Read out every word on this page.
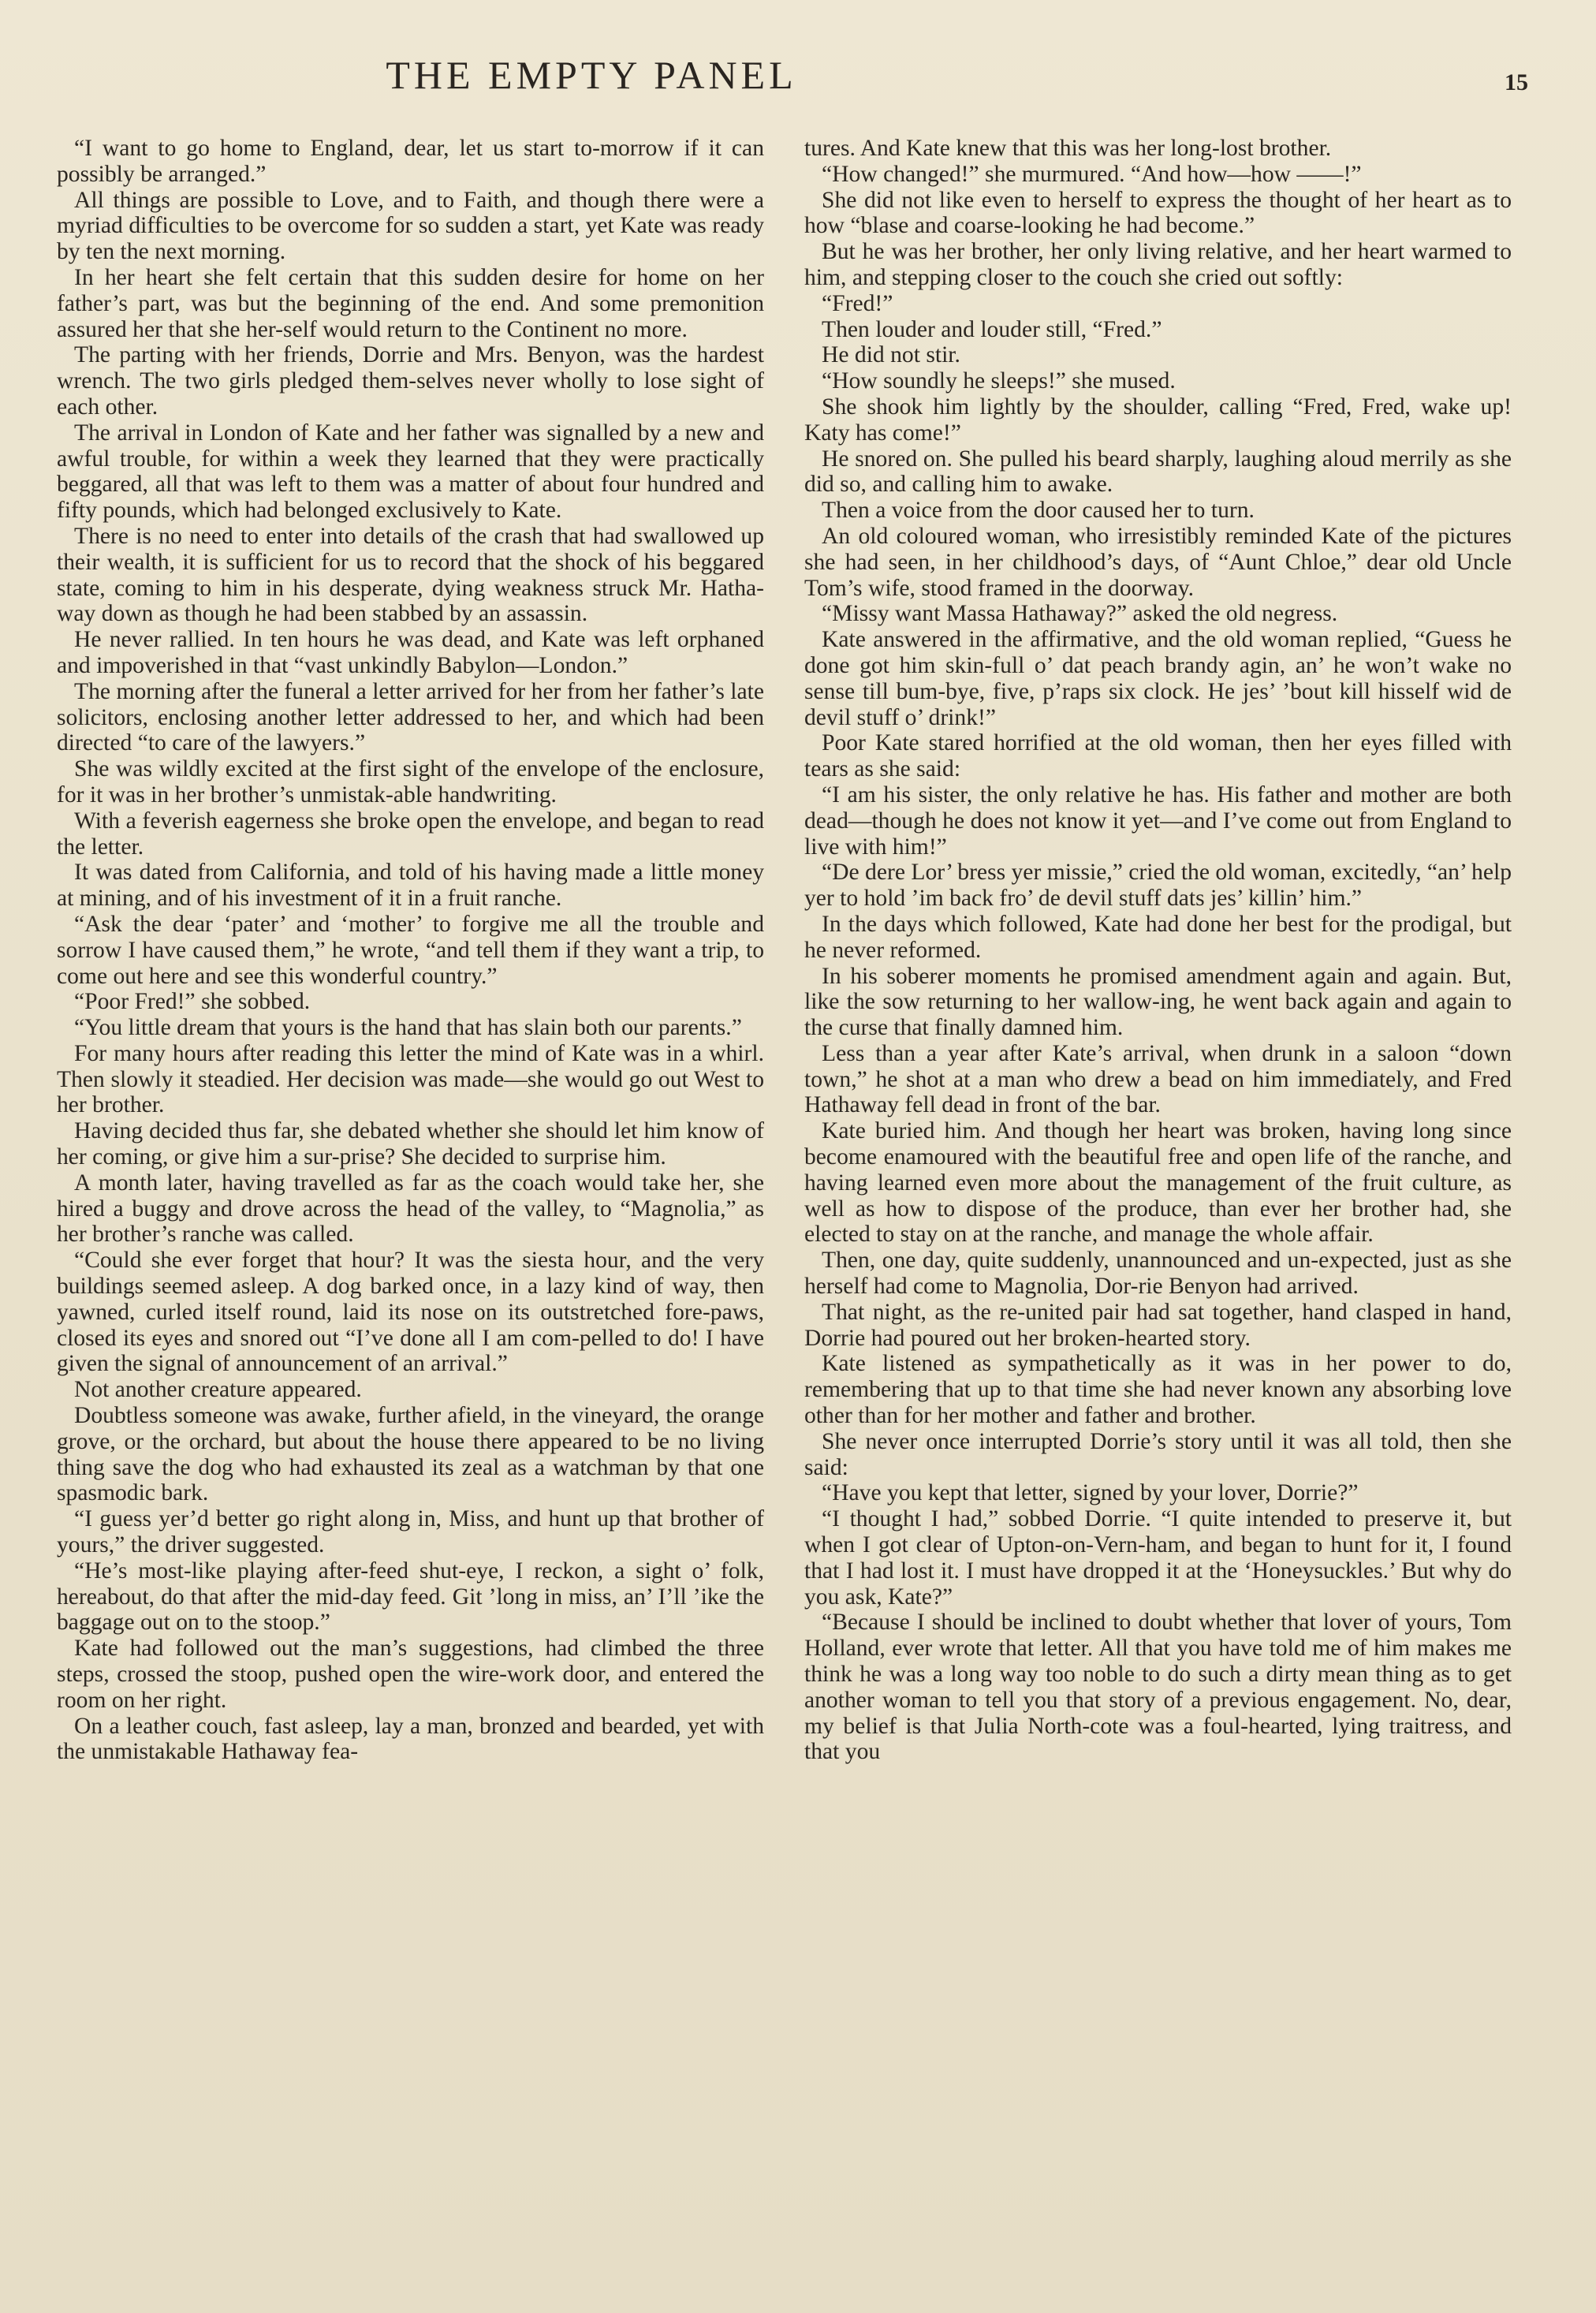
THE EMPTY PANEL	15

“I want to go home to England, dear, let us start to-morrow if it can possibly be arranged.”

All things are possible to Love, and to Faith, and though there were a myriad difficulties to be overcome for so sudden a start, yet Kate was ready by ten the next morning.

In her heart she felt certain that this sudden desire for home on her father’s part, was but the beginning of the end. And some premonition assured her that she her-self would return to the Continent no more.

The parting with her friends, Dorrie and Mrs. Benyon, was the hardest wrench. The two girls pledged them-selves never wholly to lose sight of each other.

The arrival in London of Kate and her father was signalled by a new and awful trouble, for within a week they learned that they were practically beggared, all that was left to them was a matter of about four hundred and fifty pounds, which had belonged exclusively to Kate.

There is no need to enter into details of the crash that had swallowed up their wealth, it is sufficient for us to record that the shock of his beggared state, coming to him in his desperate, dying weakness struck Mr. Hatha-way down as though he had been stabbed by an assassin.

He never rallied. In ten hours he was dead, and Kate was left orphaned and impoverished in that “vast unkindly Babylon—London.”

The morning after the funeral a letter arrived for her from her father’s late solicitors, enclosing another letter addressed to her, and which had been directed “to care of the lawyers.”

She was wildly excited at the first sight of the envelope of the enclosure, for it was in her brother’s unmistak-able handwriting.

With a feverish eagerness she broke open the envelope, and began to read the letter.

It was dated from California, and told of his having made a little money at mining, and of his investment of it in a fruit ranche.

“Ask the dear ‘pater’ and ‘mother’ to forgive me all the trouble and sorrow I have caused them,” he wrote, “and tell them if they want a trip, to come out here and see this wonderful country.”

“Poor Fred!” she sobbed.

“You little dream that yours is the hand that has slain both our parents.”

For many hours after reading this letter the mind of Kate was in a whirl. Then slowly it steadied. Her decision was made—she would go out West to her brother.

Having decided thus far, she debated whether she should let him know of her coming, or give him a sur-prise? She decided to surprise him.

A month later, having travelled as far as the coach would take her, she hired a buggy and drove across the head of the valley, to “Magnolia,” as her brother’s ranche was called.

“Could she ever forget that hour? It was the siesta hour, and the very buildings seemed asleep. A dog barked once, in a lazy kind of way, then yawned, curled itself round, laid its nose on its outstretched fore-paws, closed its eyes and snored out “I’ve done all I am com-pelled to do! I have given the signal of announcement of an arrival.”

Not another creature appeared.

Doubtless someone was awake, further afield, in the vineyard, the orange grove, or the orchard, but about the house there appeared to be no living thing save the dog who had exhausted its zeal as a watchman by that one spasmodic bark.

“I guess yer’d better go right along in, Miss, and hunt up that brother of yours,” the driver suggested.

“He’s most-like playing after-feed shut-eye, I reckon, a sight o’ folk, hereabout, do that after the mid-day feed. Git ’long in miss, an’ I’ll ’ike the baggage out on to the stoop.”

Kate had followed out the man’s suggestions, had climbed the three steps, crossed the stoop, pushed open the wire-work door, and entered the room on her right.

On a leather couch, fast asleep, lay a man, bronzed and bearded, yet with the unmistakable Hathaway fea-

tures. And Kate knew that this was her long-lost brother.

“How changed!” she murmured. “And how—how ——!”

She did not like even to herself to express the thought of her heart as to how “blase and coarse-looking he had become.”

But he was her brother, her only living relative, and her heart warmed to him, and stepping closer to the couch she cried out softly:

“Fred!”

Then louder and louder still, “Fred.”

He did not stir.

“How soundly he sleeps!” she mused.

She shook him lightly by the shoulder, calling “Fred, Fred, wake up! Katy has come!”

He snored on. She pulled his beard sharply, laughing aloud merrily as she did so, and calling him to awake.

Then a voice from the door caused her to turn.

An old coloured woman, who irresistibly reminded Kate of the pictures she had seen, in her childhood’s days, of “Aunt Chloe,” dear old Uncle Tom’s wife, stood framed in the doorway.

“Missy want Massa Hathaway?” asked the old negress.

Kate answered in the affirmative, and the old woman replied, “Guess he done got him skin-full o’ dat peach brandy agin, an’ he won’t wake no sense till bum-bye, five, p’raps six clock. He jes’ ’bout kill hisself wid de devil stuff o’ drink!”

Poor Kate stared horrified at the old woman, then her eyes filled with tears as she said:

“I am his sister, the only relative he has. His father and mother are both dead—though he does not know it yet—and I’ve come out from England to live with him!”

“De dere Lor’ bress yer missie,” cried the old woman, excitedly, “an’ help yer to hold ’im back fro’ de devil stuff dats jes’ killin’ him.”

In the days which followed, Kate had done her best for the prodigal, but he never reformed.

In his soberer moments he promised amendment again and again. But, like the sow returning to her wallow-ing, he went back again and again to the curse that finally damned him.

Less than a year after Kate’s arrival, when drunk in a saloon “down town,” he shot at a man who drew a bead on him immediately, and Fred Hathaway fell dead in front of the bar.

Kate buried him. And though her heart was broken, having long since become enamoured with the beautiful free and open life of the ranche, and having learned even more about the management of the fruit culture, as well as how to dispose of the produce, than ever her brother had, she elected to stay on at the ranche, and manage the whole affair.

Then, one day, quite suddenly, unannounced and un-expected, just as she herself had come to Magnolia, Dor-rie Benyon had arrived.

That night, as the re-united pair had sat together, hand clasped in hand, Dorrie had poured out her broken-hearted story.

Kate listened as sympathetically as it was in her power to do, remembering that up to that time she had never known any absorbing love other than for her mother and father and brother.

She never once interrupted Dorrie’s story until it was all told, then she said:

“Have you kept that letter, signed by your lover, Dorrie?”

“I thought I had,” sobbed Dorrie. “I quite intended to preserve it, but when I got clear of Upton-on-Vern-ham, and began to hunt for it, I found that I had lost it. I must have dropped it at the ‘Honeysuckles.’ But why do you ask, Kate?”

“Because I should be inclined to doubt whether that lover of yours, Tom Holland, ever wrote that letter. All that you have told me of him makes me think he was a long way too noble to do such a dirty mean thing as to get another woman to tell you that story of a previous engagement. No, dear, my belief is that Julia North-cote was a foul-hearted, lying traitress, and that you
